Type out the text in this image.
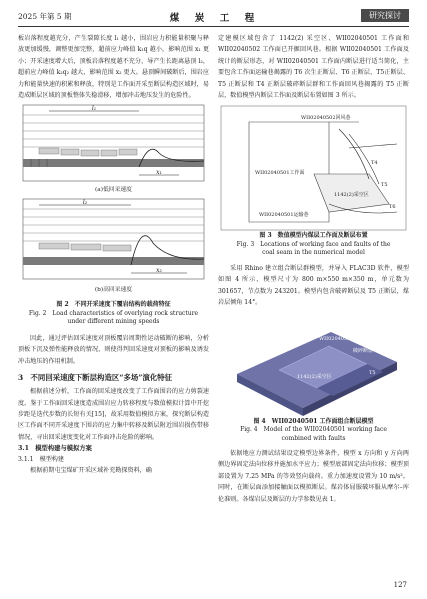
2025 年第 5 期	煤　炭　工　程	研究探讨

板岩落程度越充分，产生裂隙长度 l₁ 越小，围岩应力积能量积聚与释放更加缓慢，调整更加完整，超前应力峰值 k₁q 越小，影响范围 x₁ 更小；开采速度增大后，顶板岩落程度越不充分，导产生长距离悬顶 l₂，超前应力峰值 k₂q₂ 越大，影响范围 x₂ 更大。悬顶瞬间破断后，围岩应力和能量快速的积累和释放，特别是工作面开采至断层构造区域时，易造成断层区域的顶板整体失稳滑移，增加冲击地压发生的危险性。

l₁
x₁
(a)低回采速度
l₂
x₂
(b)高回采速度

图 2　不同开采速度下覆岩结构的载荷特征

Fig. 2　Load characteristics of overlying rock structure

under different mining speeds

因此，通过评估回采速度对顶板覆岩周期性运动破断的影响，分析顶板下沉及弹性能释放的情况，则使得判回采速度对顶板的影响及诱发冲击地压的作用机制。

3　不同回采速度下断层构造区“多场”演化特征

根据前述分析，工作面的回采速度改变了工作面围岩的应力剪裂速度。鉴于工作面回采速度造成围岩应力转移程度与数值模拟计算中开挖步距是迭代步数的长短有关[15]，故采用数值模拟方案，探究断层构造区工作面不同开采速度下围岩的应力集中转移及断层附近围岩损伤带移情况，寻出回采速度变化对工作面冲击危险的影响。

3.1　模型构建与模拟方案

3.1.1　模型构建

根据前期屯宝煤矿开采区域补充勘探资料，确

定建模区域包含了 1142(2) 采空区、WII02040501 工作面和 WII02040502 工作面已开掘回风巷。根据 WII02040501 工作面及统计的断层形态，对 WII02040501 工作面内断层进行适当简化，主要包含工作面运输巷揭露的 T6 次生正断层、T6 正断层、T5正断层、T5 正断层和 T4 正断层破碎断层群和工作面回风巷揭露的 T5 正断层，数值模型内断层工作面及断层布置如图 3 所示。

WII02040502回风巷
WII02040501工作面
1142(2)采空区
WII02040501运输巷
T4
T5
T6

图 3　数值模型内煤层工作面及断层布置

Fig. 3　Locations of working face and faults of the

coal seam in the numerical model

采用 Rhino 建立组合断层群模型，并导入 FLAC3D 软件，模型如图 4 所示，模型尺寸为 800 m×550 m×350 m，单元数为 301657，节点数为 243201。模型内包含破碎断层及 T5 正断层，煤岩层倾角 14°。

WII02040502回风巷
1142(2)采空区
破碎断层
T5

图 4　WII02040501 工作面组合断层模型

Fig. 4　Model of the WII02040501 working face

combined with faults

依据地应力测试结果设定模型边界条件，模型 x 方向和 y 方向两侧边界固定法向位移并施加水平应力；模型底部固定法向位移；模型顶部设置为 7.25 MPa 的等效竖向载荷。重力加速度设置为 10 m/s²。同时，在断层面添加接触面以模拟断层。煤岩体屈服破坏服从摩尔–库伦准则。各煤岩层及断层的力学参数见表 1。

127
